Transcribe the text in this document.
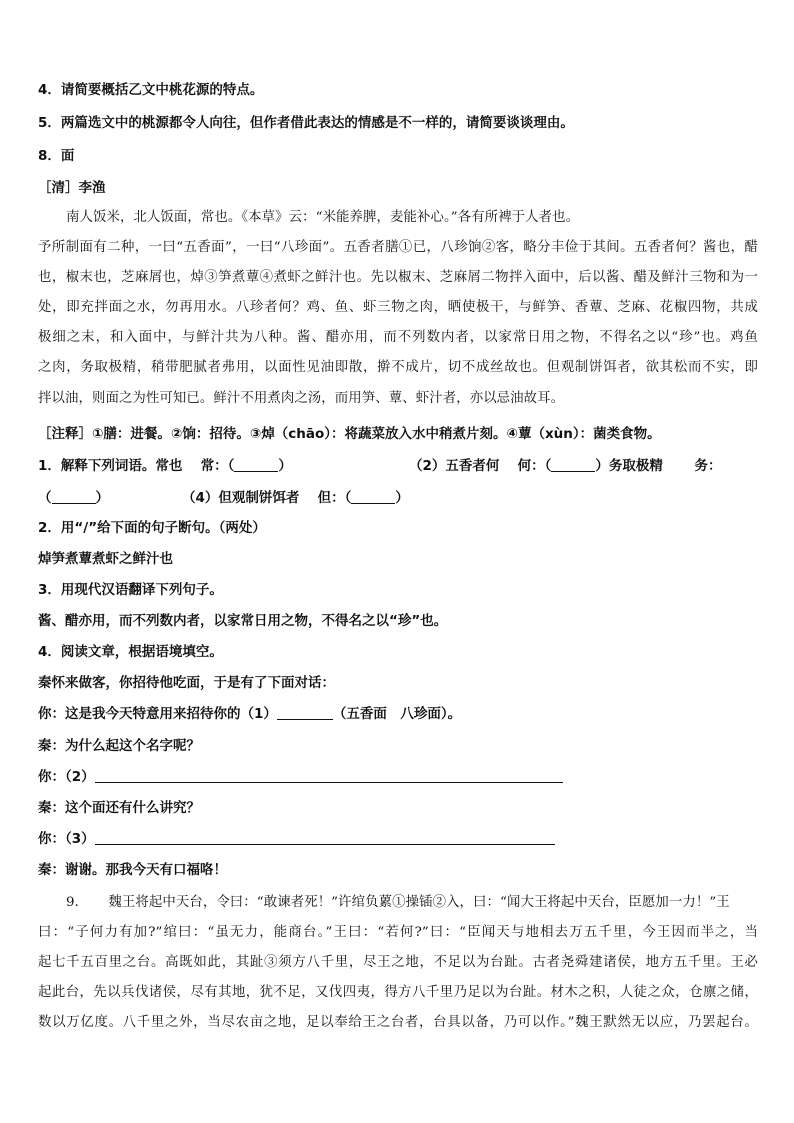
4．请简要概括乙文中桃花源的特点。
5．两篇选文中的桃源都令人向往，但作者借此表达的情感是不一样的，请简要谈谈理由。
8．面
［清］李渔
南人饭米，北人饭面，常也。《本草》云：“米能养脾，麦能补心。”各有所裨于人者也。
予所制面有二种，一曰“五香面”，一曰“八珍面”。五香者膳①已，八珍饷②客，略分丰俭于其间。五香者何？酱也，醋
也，椒末也，芝麻屑也，焯③笋煮蕈④煮虾之鲜汁也。先以椒末、芝麻屑二物拌入面中，后以酱、醋及鲜汁三物和为一
处，即充拌面之水，勿再用水。八珍者何？鸡、鱼、虾三物之肉，晒使极干，与鲜笋、香蕈、芝麻、花椒四物，共成
极细之末，和入面中，与鲜汁共为八种。酱、醋亦用，而不列数内者，以家常日用之物，不得名之以“珍”也。鸡鱼
之肉，务取极精，稍带肥腻者弗用，以面性见油即散，擀不成片，切不成丝故也。但观制饼饵者，欲其松而不实，即
拌以油，则面之为性可知已。鲜汁不用煮肉之汤，而用笋、蕈、虾汁者，亦以忌油故耳。
［注释］①膳：进餐。②饷：招待。③焯（chāo）：将蔬菜放入水中稍煮片刻。④蕈（xùn）：菌类食物。
1．解释下列词语。常也　 常：（	）	（2）五香者何　 何：（	）务取极精　　 务：
（	）	（4）但观制饼饵者　 但：（	）
2．用“/”给下面的句子断句。（两处）
焯笋煮蕈煮虾之鲜汁也
3．用现代汉语翻译下列句子。
酱、醋亦用，而不列数内者，以家常日用之物，不得名之以“珍”也。
4．阅读文章，根据语境填空。
秦怀来做客，你招待他吃面，于是有了下面对话：
你：这是我今天特意用来招待你的（1）	（五香面　八珍面）。
秦：为什么起这个名字呢？
你：（2）
秦：这个面还有什么讲究？
你：（3）
秦：谢谢。那我今天有口福咯！
9．　　魏王将起中天台，令曰：“敢谏者死！”许绾负蔂①操锸②入，曰：“闻大王将起中天台，臣愿加一力！”王
曰：“子何力有加?”绾曰：“虽无力，能商台。”王曰：“若何?”曰：“臣闻天与地相去万五千里，今王因而半之，当
起七千五百里之台。高既如此，其趾③须方八千里，尽王之地，不足以为台趾。古者尧舜建诸侯，地方五千里。王必
起此台，先以兵伐诸侯，尽有其地，犹不足，又伐四夷，得方八千里乃足以为台趾。材木之积，人徒之众，仓廪之储，
数以万亿度。八千里之外，当尽农亩之地，足以奉给王之台者，台具以备，乃可以作。”魏王默然无以应，乃罢起台。
